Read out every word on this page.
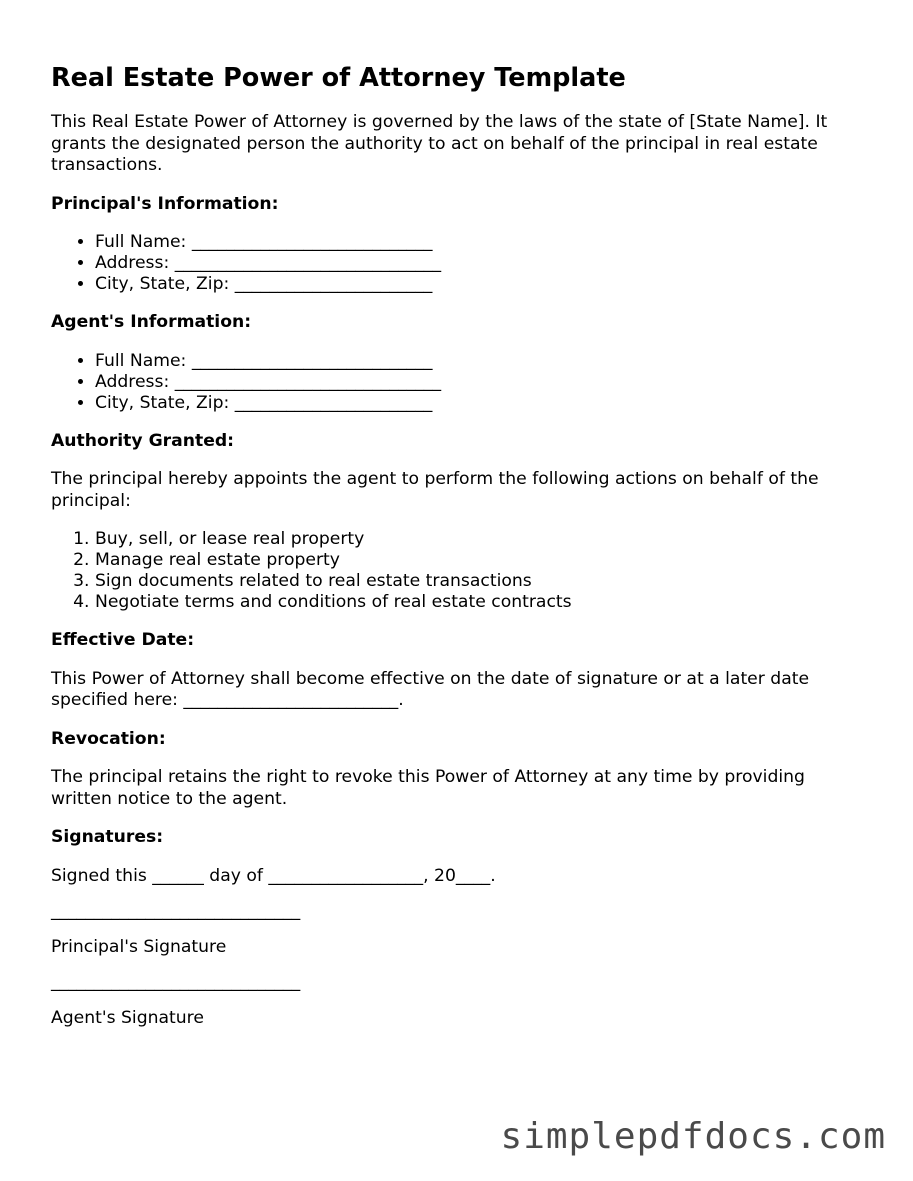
Real Estate Power of Attorney Template

This Real Estate Power of Attorney is governed by the laws of the state of [State Name]. It grants the designated person the authority to act on behalf of the principal in real estate transactions.

Principal's Information:
• Full Name: ____________________________
• Address: _______________________________
• City, State, Zip: _______________________
Agent's Information:
• Full Name: ____________________________
• Address: _______________________________
• City, State, Zip: _______________________
Authority Granted:

The principal hereby appoints the agent to perform the following actions on behalf of the principal:

1. Buy, sell, or lease real property
2. Manage real estate property
3. Sign documents related to real estate transactions
4. Negotiate terms and conditions of real estate contracts
Effective Date:

This Power of Attorney shall become effective on the date of signature or at a later date specified here: _________________________.

Revocation:

The principal retains the right to revoke this Power of Attorney at any time by providing written notice to the agent.

Signatures:

Signed this ______ day of __________________, 20____.

_____________________________
Principal's Signature
_____________________________
Agent's Signature
simplepdfdocs.com
